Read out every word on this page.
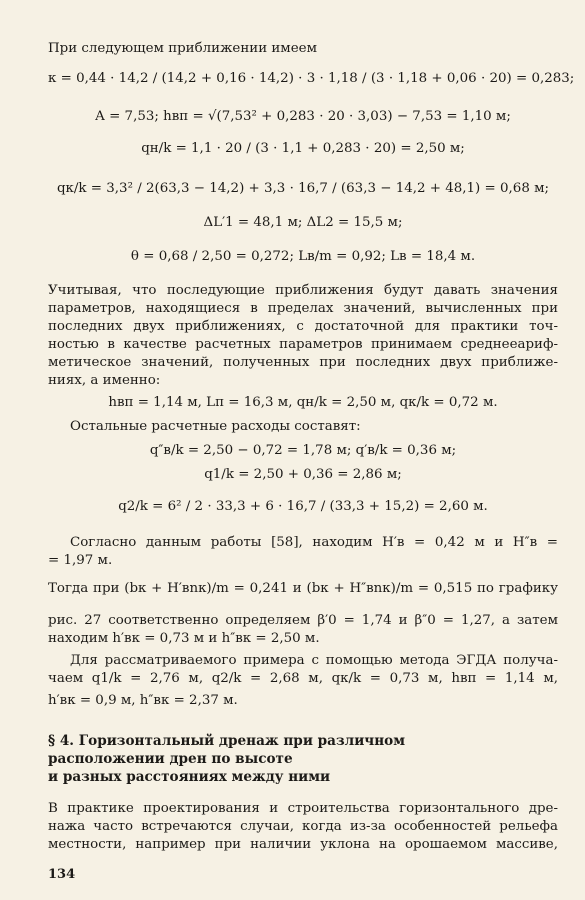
При следующем приближении имеем
κ = 0,44 · 14,2 / (14,2 + 0,16 · 14,2) · 3 · 1,18 / (3 · 1,18 + 0,06 · 20) = 0,283;
A = 7,53; hвп = √(7,53² + 0,283 · 20 · 3,03) − 7,53 = 1,10 м;
qн/k = 1,1 · 20 / (3 · 1,1 + 0,283 · 20) = 2,50 м;
qк/k = 3,3² / 2(63,3 − 14,2) + 3,3 · 16,7 / (63,3 − 14,2 + 48,1) = 0,68 м;
ΔL′1 = 48,1 м; ΔL2 = 15,5 м;
θ = 0,68 / 2,50 = 0,272; Lв/m = 0,92; Lв = 18,4 м.
Учитывая, что последующие приближения будут давать значения
параметров, находящиеся в пределах значений, вычисленных при
последних двух приближениях, с достаточной для практики точ-
ностью в качестве расчетных параметров принимаем среднееариф-
метическое значений, полученных при последних двух приближе-
ниях, а именно:
hвп = 1,14 м, Lп = 16,3 м, qн/k = 2,50 м, qк/k = 0,72 м.
Остальные расчетные расходы составят:
q″в/k = 2,50 − 0,72 = 1,78 м; q′в/k = 0,36 м;
q1/k = 2,50 + 0,36 = 2,86 м;
q2/k = 6² / 2 · 33,3 + 6 · 16,7 / (33,3 + 15,2) = 2,60 м.
Согласно данным работы [58], находим H′в = 0,42 м и H″в =
= 1,97 м.
Тогда при (bк + H′вnк)/m = 0,241 и (bк + H″вnк)/m = 0,515 по графику
рис. 27 соответственно определяем β′0 = 1,74 и β″0 = 1,27, а затем
находим h′вк = 0,73 м и h″вк = 2,50 м.
Для рассматриваемого примера с помощью метода ЭГДА получа-
чаем q1/k = 2,76 м, q2/k = 2,68 м, qк/k = 0,73 м, hвп = 1,14 м,
h′вк = 0,9 м, h″вк = 2,37 м.
§ 4. Горизонтальный дренаж при различном
расположении дрен по высоте
и разных расстояниях между ними
В практике проектирования и строительства горизонтального дре-
нажа часто встречаются случаи, когда из-за особенностей рельефа
местности, например при наличии уклона на орошаемом массиве,
134
